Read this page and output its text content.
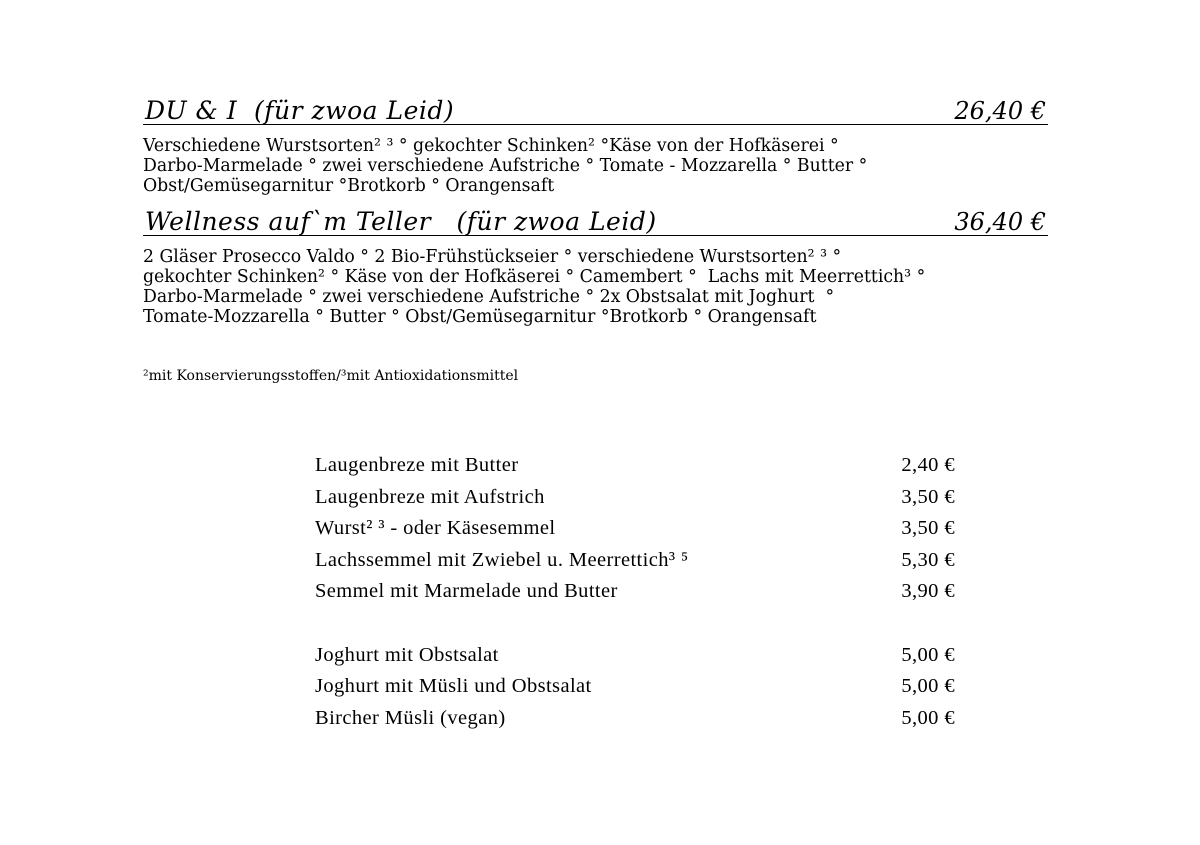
DU & I  (für zwoa Leid)	26,40 €
Verschiedene Wurstsorten² ³ ° gekochter Schinken² °Käse von der Hofkäserei °
Darbo-Marmelade ° zwei verschiedene Aufstriche ° Tomate - Mozzarella ° Butter °
Obst/Gemüsegarnitur °Brotkorb ° Orangensaft
Wellness auf`m Teller   (für zwoa Leid)	36,40 €
2 Gläser Prosecco Valdo ° 2 Bio-Frühstückseier ° verschiedene Wurstsorten² ³ °
gekochter Schinken² ° Käse von der Hofkäserei ° Camembert °  Lachs mit Meerrettich³ °
Darbo-Marmelade ° zwei verschiedene Aufstriche ° 2x Obstsalat mit Joghurt  °
Tomate-Mozzarella ° Butter ° Obst/Gemüsegarnitur °Brotkorb ° Orangensaft
²mit Konservierungsstoffen/³mit Antioxidationsmittel
Laugenbreze mit Butter	2,40 €
Laugenbreze mit Aufstrich	3,50 €
Wurst² ³ - oder Käsesemmel	3,50 €
Lachssemmel mit Zwiebel u. Meerrettich³ ⁵	5,30 €
Semmel mit Marmelade und Butter	3,90 €
Joghurt mit Obstsalat	5,00 €
Joghurt mit Müsli und Obstsalat	5,00 €
Bircher Müsli (vegan)	5,00 €
